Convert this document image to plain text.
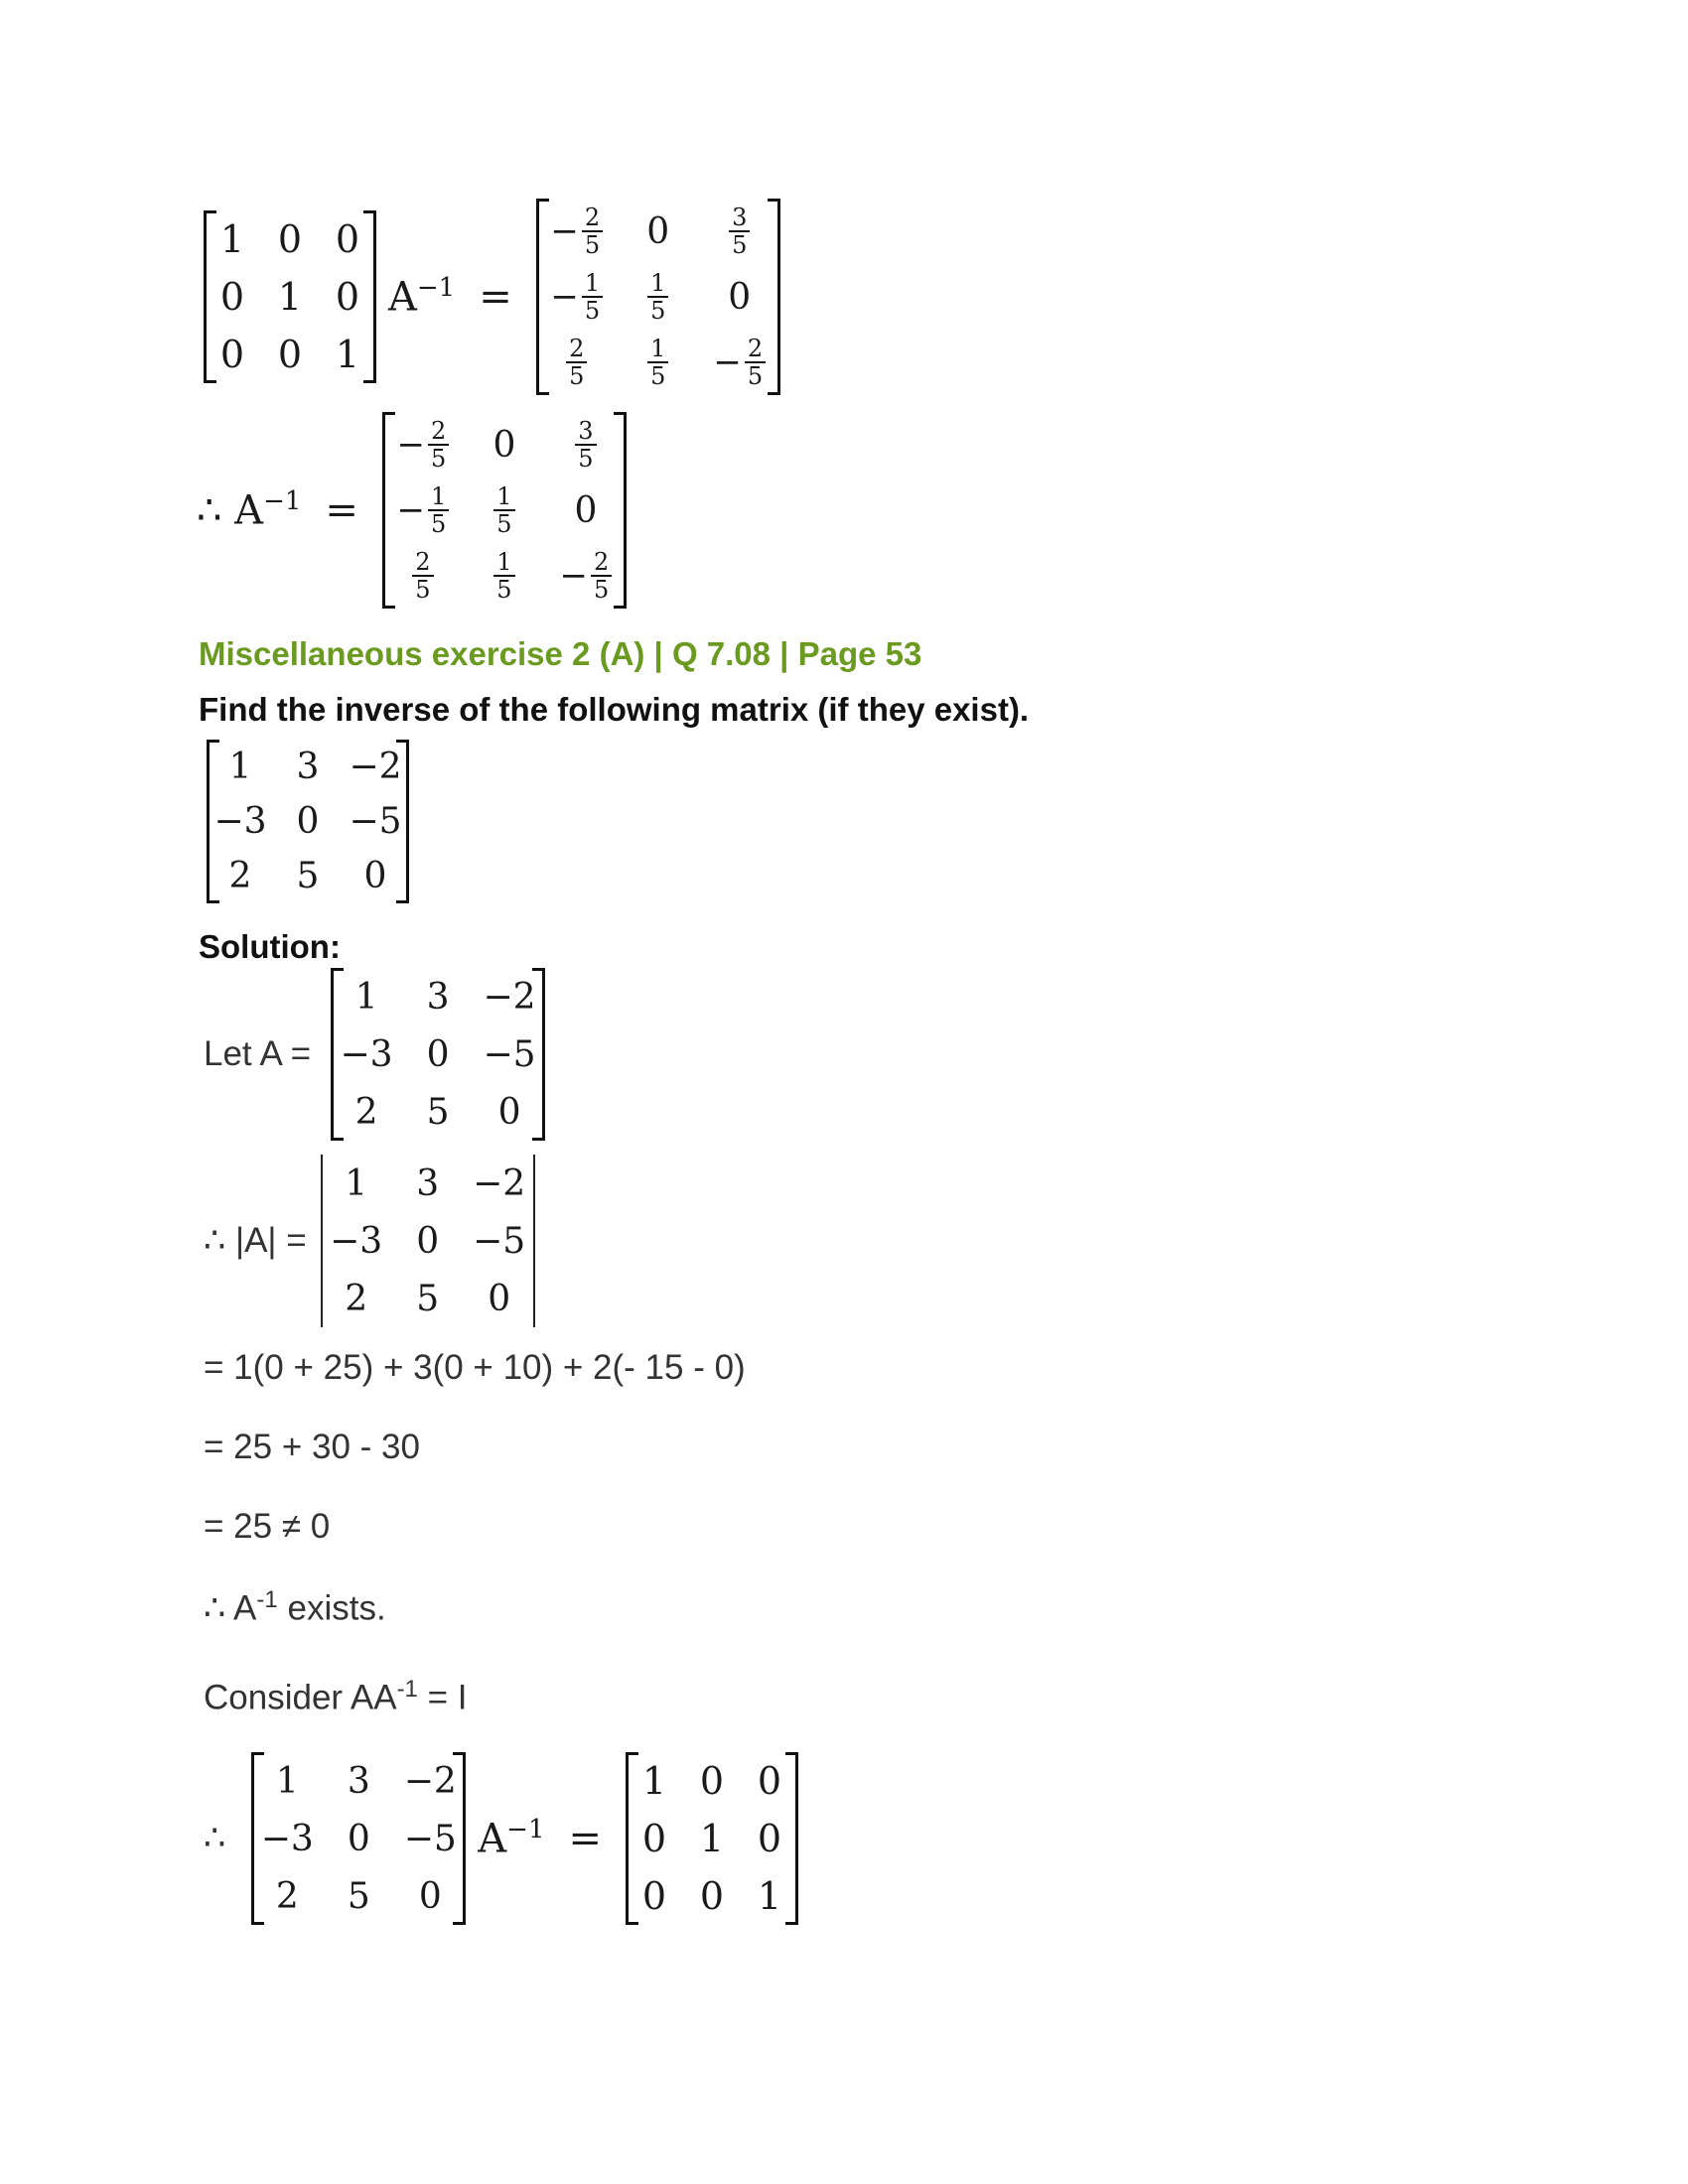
1	0	0
0	1	0
0	0	1
$A^{-1}$ =
− $\frac{2}{5}$	0	$\frac{3}{5}$

− $\frac{1}{5}$	$\frac{1}{5}$	0

$\frac{2}{5}$	$\frac{1}{5}$	− $\frac{2}{5}$
∴ $A^{-1}$ =
− $\frac{2}{5}$	0	$\frac{3}{5}$

− $\frac{1}{5}$	$\frac{1}{5}$	0

$\frac{2}{5}$	$\frac{1}{5}$	− $\frac{2}{5}$
Miscellaneous exercise 2 (A) | Q 7.08 | Page 53
Find the inverse of the following matrix (if they exist).
1	3	−2
−3	0	−5
2	5	0
Solution:
Let A =
1	3	−2
−3	0	−5
2	5	0
∴ |A| =
1	3	−2
−3	0	−5
2	5	0
= 1(0 + 25) + 3(0 + 10) + 2(- 15 - 0)
= 25 + 30 - 30
= 25 ≠ 0
∴ $A^{-1}$ exists.
Consider $AA^{-1} = I$
∴
1	3	−2
−3	0	−5
2	5	0
$A^{-1}$ =
1	0	0
0	1	0
0	0	1
